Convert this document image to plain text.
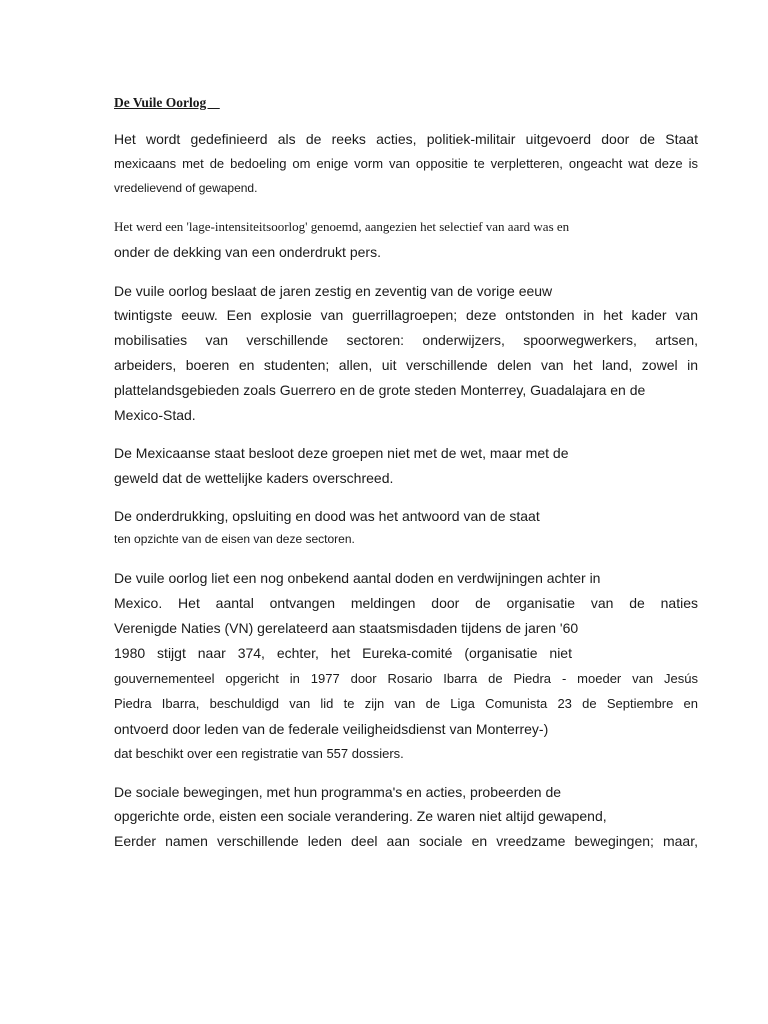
De Vuile Oorlog
Het wordt gedefinieerd als de reeks acties, politiek-militair uitgevoerd door de Staat
mexicaans met de bedoeling om enige vorm van oppositie te verpletteren, ongeacht wat deze is
vredelievend of gewapend.
Het werd een 'lage-intensiteitsoorlog' genoemd, aangezien het selectief van aard was en
onder de dekking van een onderdrukt pers.
De vuile oorlog beslaat de jaren zestig en zeventig van de vorige eeuw
twintigste eeuw. Een explosie van guerrillagroepen; deze ontstonden in het kader van
mobilisaties van verschillende sectoren: onderwijzers, spoorwegwerkers, artsen,
arbeiders, boeren en studenten; allen, uit verschillende delen van het land, zowel in
plattelandsgebieden zoals Guerrero en de grote steden Monterrey, Guadalajara en de
Mexico-Stad.
De Mexicaanse staat besloot deze groepen niet met de wet, maar met de
geweld dat de wettelijke kaders overschreed.
De onderdrukking, opsluiting en dood was het antwoord van de staat
ten opzichte van de eisen van deze sectoren.
De vuile oorlog liet een nog onbekend aantal doden en verdwijningen achter in
Mexico. Het aantal ontvangen meldingen door de organisatie van de naties
Verenigde Naties (VN) gerelateerd aan staatsmisdaden tijdens de jaren '60
1980 stijgt naar 374, echter, het Eureka-comité (organisatie niet
gouvernementeel opgericht in 1977 door Rosario Ibarra de Piedra - moeder van Jesús
Piedra Ibarra, beschuldigd van lid te zijn van de Liga Comunista 23 de Septiembre en
ontvoerd door leden van de federale veiligheidsdienst van Monterrey-)
dat beschikt over een registratie van 557 dossiers.
De sociale bewegingen, met hun programma's en acties, probeerden de
opgerichte orde, eisten een sociale verandering. Ze waren niet altijd gewapend,
Eerder namen verschillende leden deel aan sociale en vreedzame bewegingen; maar,
